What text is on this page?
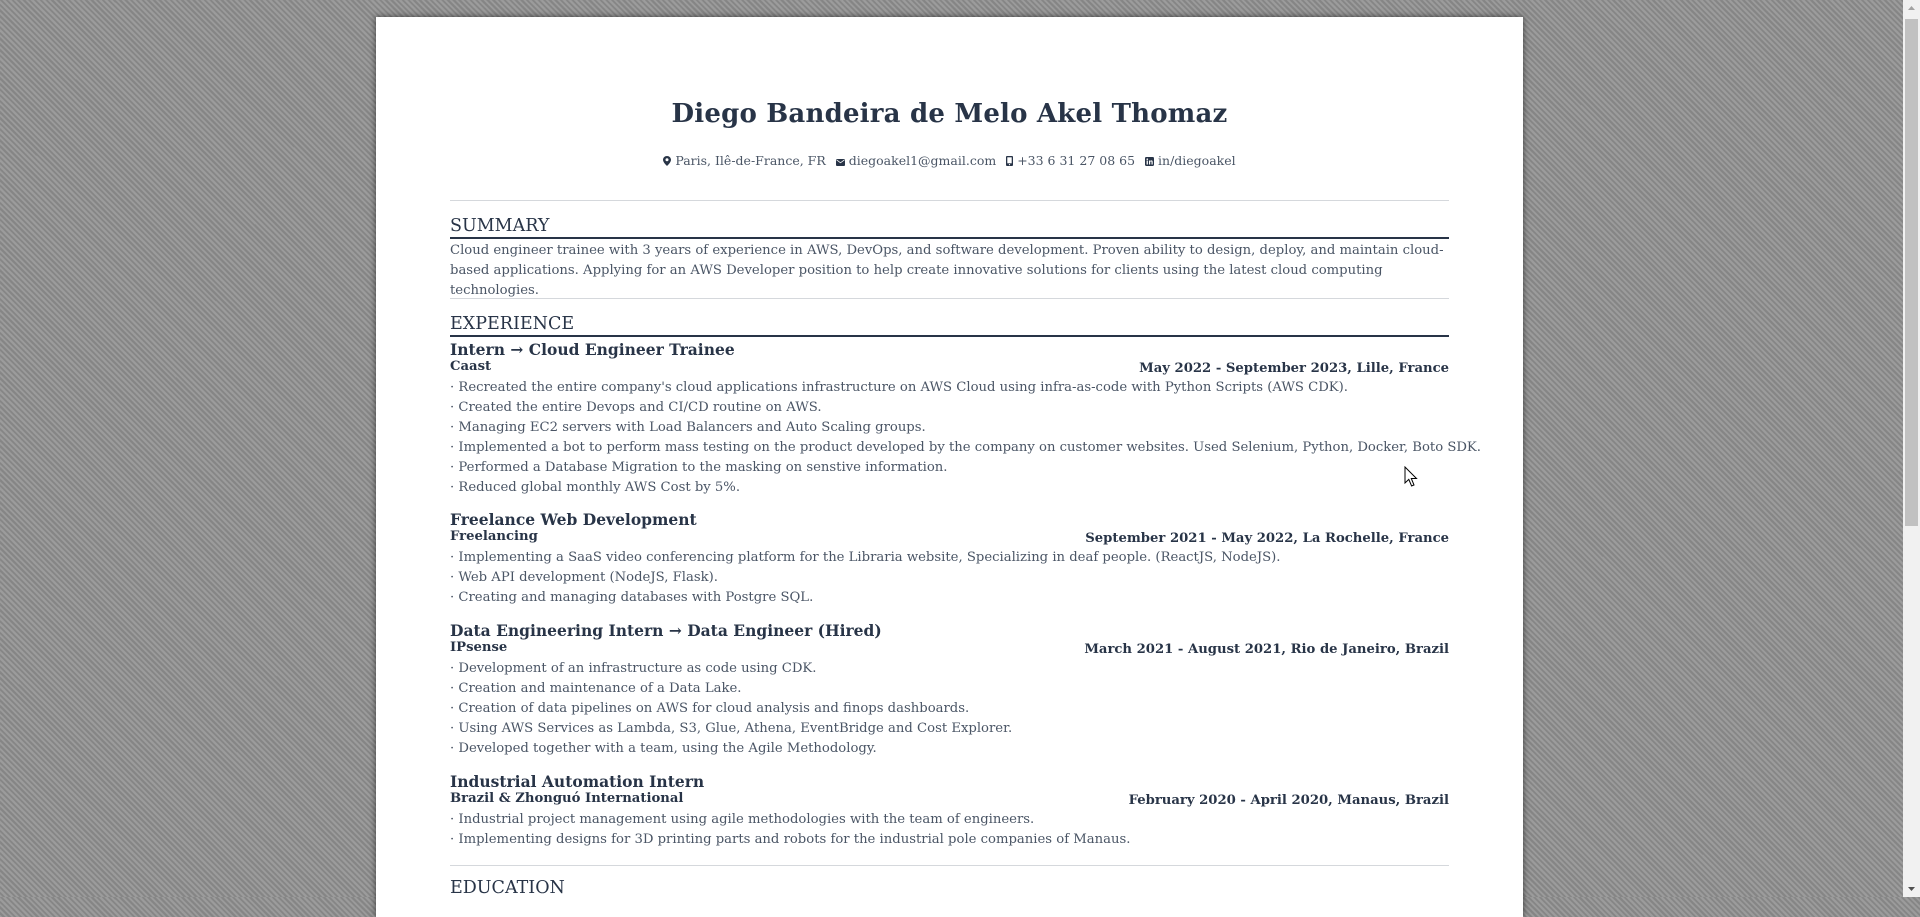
Diego Bandeira de Melo Akel Thomaz
Paris, Ilê-de-France, FR diegoakel1@gmail.com +33 6 31 27 08 65 in/diegoakel
SUMMARY
Cloud engineer trainee with 3 years of experience in AWS, DevOps, and software development. Proven ability to design, deploy, and maintain cloud-based applications. Applying for an AWS Developer position to help create innovative solutions for clients using the latest cloud computing technologies.
EXPERIENCE
Intern → Cloud Engineer Trainee
Caast	May 2022 - September 2023, Lille, France
· Recreated the entire company's cloud applications infrastructure on AWS Cloud using infra-as-code with Python Scripts (AWS CDK).
· Created the entire Devops and CI/CD routine on AWS.
· Managing EC2 servers with Load Balancers and Auto Scaling groups.
· Implemented a bot to perform mass testing on the product developed by the company on customer websites. Used Selenium, Python, Docker, Boto SDK.
· Performed a Database Migration to the masking on senstive information.
· Reduced global monthly AWS Cost by 5%.
Freelance Web Development
Freelancing	September 2021 - May 2022, La Rochelle, France
· Implementing a SaaS video conferencing platform for the Libraria website, Specializing in deaf people. (ReactJS, NodeJS).
· Web API development (NodeJS, Flask).
· Creating and managing databases with Postgre SQL.
Data Engineering Intern → Data Engineer (Hired)
IPsense	March 2021 - August 2021, Rio de Janeiro, Brazil
· Development of an infrastructure as code using CDK.
· Creation and maintenance of a Data Lake.
· Creation of data pipelines on AWS for cloud analysis and finops dashboards.
· Using AWS Services as Lambda, S3, Glue, Athena, EventBridge and Cost Explorer.
· Developed together with a team, using the Agile Methodology.
Industrial Automation Intern
Brazil & Zhonguó International	February 2020 - April 2020, Manaus, Brazil
· Industrial project management using agile methodologies with the team of engineers.
· Implementing designs for 3D printing parts and robots for the industrial pole companies of Manaus.
EDUCATION
